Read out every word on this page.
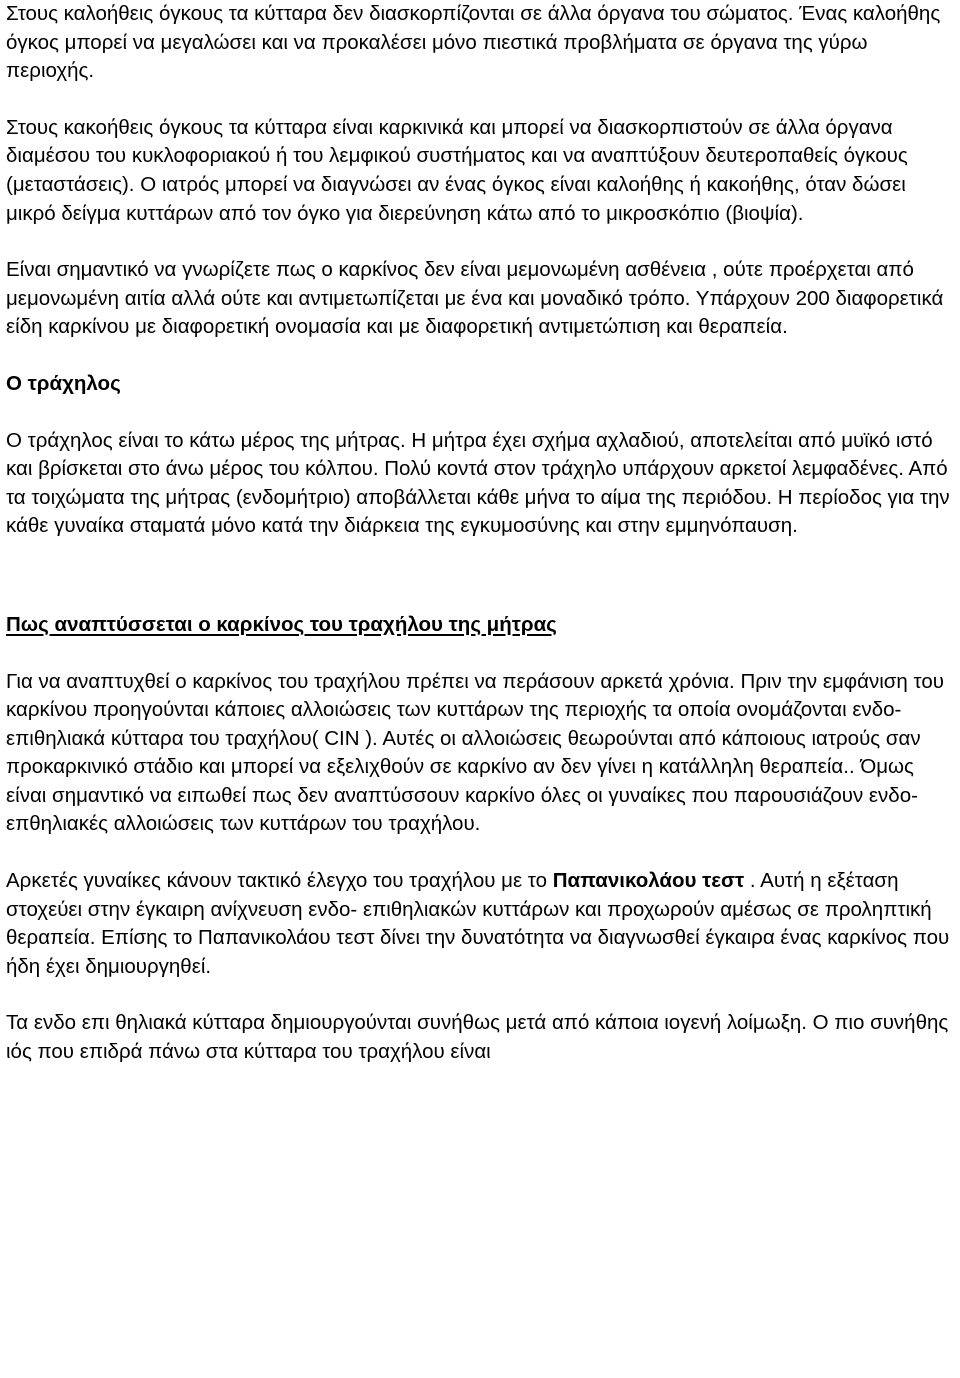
Στους καλοήθεις όγκους τα κύτταρα δεν διασκορπίζονται σε άλλα όργανα του σώματος. Ένας καλοήθης όγκος μπορεί να μεγαλώσει και να προκαλέσει μόνο πιεστικά προβλήματα σε όργανα της γύρω περιοχής.

Στους κακοήθεις όγκους τα κύτταρα είναι καρκινικά και μπορεί να διασκορπιστούν σε άλλα όργανα διαμέσου του κυκλοφοριακού ή του λεμφικού συστήματος και να αναπτύξουν δευτεροπαθείς όγκους (μεταστάσεις). Ο ιατρός μπορεί να διαγνώσει αν ένας όγκος είναι καλοήθης ή κακοήθης, όταν δώσει μικρό δείγμα κυττάρων από τον όγκο για διερεύνηση κάτω από το μικροσκόπιο (βιοψία).

Είναι σημαντικό να γνωρίζετε πως ο καρκίνος δεν είναι μεμονωμένη ασθένεια , ούτε προέρχεται από μεμονωμένη αιτία αλλά ούτε και αντιμετωπίζεται με ένα και μοναδικό τρόπο. Υπάρχουν 200 διαφορετικά είδη καρκίνου με διαφορετική ονομασία και με διαφορετική αντιμετώπιση και θεραπεία.

Ο τράχηλος

Ο τράχηλος είναι το κάτω μέρος της μήτρας. Η μήτρα έχει σχήμα αχλαδιού, αποτελείται από μυϊκό ιστό και βρίσκεται στο άνω μέρος του κόλπου. Πολύ κοντά στον τράχηλο υπάρχουν αρκετοί λεμφαδένες. Από τα τοιχώματα της μήτρας (ενδομήτριο) αποβάλλεται κάθε μήνα το αίμα της περιόδου. Η περίοδος για την κάθε γυναίκα σταματά μόνο κατά την διάρκεια της εγκυμοσύνης και στην εμμηνόπαυση.

Πως αναπτύσσεται ο καρκίνος του τραχήλου της μήτρας

Για να αναπτυχθεί ο καρκίνος του τραχήλου πρέπει να περάσουν αρκετά χρόνια. Πριν την εμφάνιση του καρκίνου προηγούνται κάποιες αλλοιώσεις των κυττάρων της περιοχής τα οποία ονομάζονται ενδο- επιθηλιακά κύτταρα του τραχήλου( CIN ). Αυτές οι αλλοιώσεις θεωρούνται από κάποιους ιατρούς σαν προκαρκινικό στάδιο και μπορεί να εξελιχθούν σε καρκίνο αν δεν γίνει η κατάλληλη θεραπεία.. Όμως είναι σημαντικό να ειπωθεί πως δεν αναπτύσσουν καρκίνο όλες οι γυναίκες που παρουσιάζουν ενδο- επθηλιακές αλλοιώσεις των κυττάρων του τραχήλου.

Αρκετές γυναίκες κάνουν τακτικό έλεγχο του τραχήλου με το Παπανικολάου τεστ . Αυτή η εξέταση στοχεύει στην έγκαιρη ανίχνευση ενδο- επιθηλιακών κυττάρων και προχωρούν αμέσως σε προληπτική θεραπεία. Επίσης το Παπανικολάου τεστ δίνει την δυνατότητα να διαγνωσθεί έγκαιρα ένας καρκίνος που ήδη έχει δημιουργηθεί.

Τα ενδο επι θηλιακά κύτταρα δημιουργούνται συνήθως μετά από κάποια ιογενή λοίμωξη. Ο πιο συνήθης ιός που επιδρά πάνω στα κύτταρα του τραχήλου είναι
